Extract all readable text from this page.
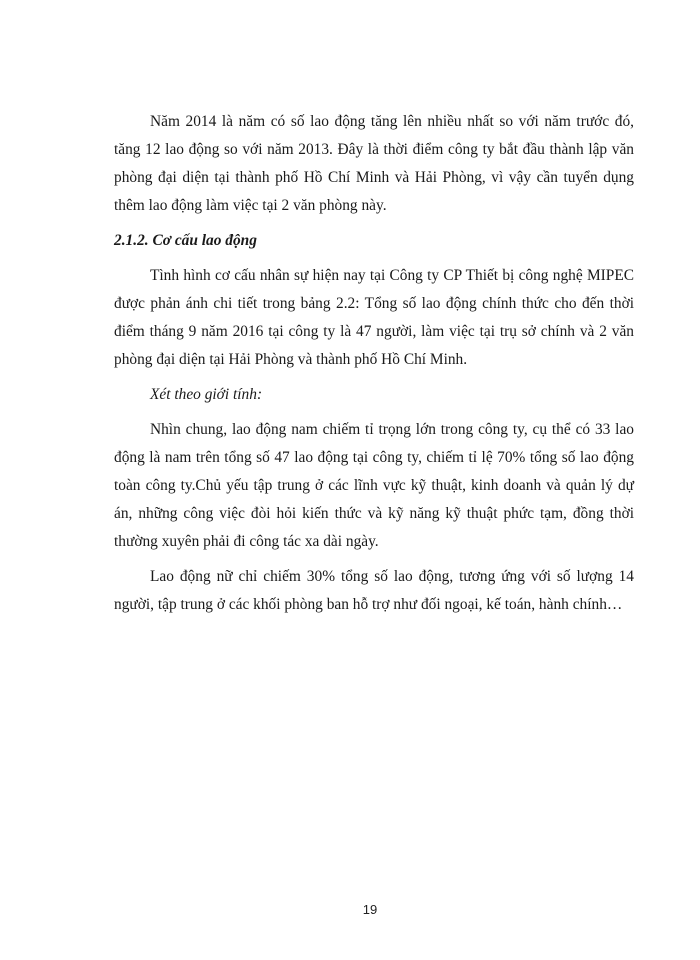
Năm 2014 là năm có số lao động tăng lên nhiều nhất so với năm trước đó, tăng 12 lao động so với năm 2013. Đây là thời điểm công ty bắt đầu thành lập văn phòng đại diện tại thành phố Hồ Chí Minh và Hải Phòng, vì vậy cần tuyển dụng thêm lao động làm việc tại 2 văn phòng này.

2.1.2. Cơ cấu lao động

Tình hình cơ cấu nhân sự hiện nay tại Công ty CP Thiết bị công nghệ MIPEC được phản ánh chi tiết trong bảng 2.2: Tổng số lao động chính thức cho đến thời điểm tháng 9 năm 2016 tại công ty là 47 người, làm việc tại trụ sở chính và 2 văn phòng đại diện tại Hải Phòng và thành phố Hồ Chí Minh.

Xét theo giới tính:

Nhìn chung, lao động nam chiếm tỉ trọng lớn trong công ty, cụ thể có 33 lao động là nam trên tổng số 47 lao động tại công ty, chiếm tỉ lệ 70% tổng số lao động toàn công ty.Chủ yếu tập trung ở các lĩnh vực kỹ thuật, kinh doanh và quản lý dự án, những công việc đòi hỏi kiến thức và kỹ năng kỹ thuật phức tạm, đồng thời thường xuyên phải đi công tác xa dài ngày.

Lao động nữ chỉ chiếm 30% tổng số lao động, tương ứng với số lượng 14 người, tập trung ở các khối phòng ban hỗ trợ như đối ngoại, kế toán, hành chính…

19
